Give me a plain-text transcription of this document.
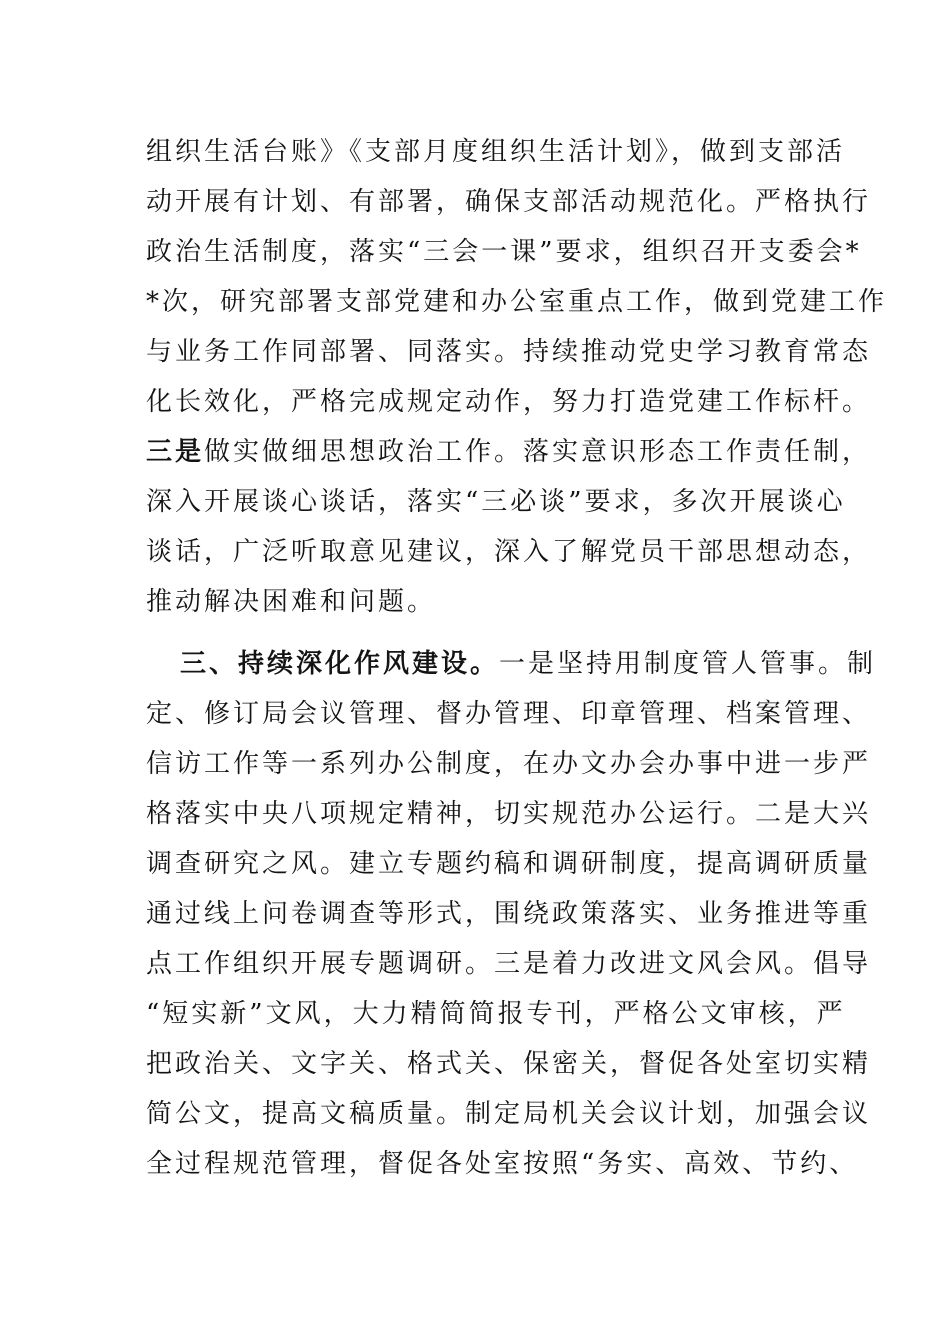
组织生活台账》《支部月度组织生活计划》，做到支部活
动开展有计划、有部署，确保支部活动规范化。严格执行
政治生活制度，落实“三会一课”要求，组织召开支委会*
*次，研究部署支部党建和办公室重点工作，做到党建工作
与业务工作同部署、同落实。持续推动党史学习教育常态
化长效化，严格完成规定动作，努力打造党建工作标杆。
三是做实做细思想政治工作。落实意识形态工作责任制，
深入开展谈心谈话，落实“三必谈”要求，多次开展谈心
谈话，广泛听取意见建议，深入了解党员干部思想动态，
推动解决困难和问题。
三、持续深化作风建设。一是坚持用制度管人管事。制
定、修订局会议管理、督办管理、印章管理、档案管理、
信访工作等一系列办公制度，在办文办会办事中进一步严
格落实中央八项规定精神，切实规范办公运行。二是大兴
调查研究之风。建立专题约稿和调研制度，提高调研质量
通过线上问卷调查等形式，围绕政策落实、业务推进等重
点工作组织开展专题调研。三是着力改进文风会风。倡导
“短实新”文风，大力精简简报专刊，严格公文审核，严
把政治关、文字关、格式关、保密关，督促各处室切实精
简公文，提高文稿质量。制定局机关会议计划，加强会议
全过程规范管理，督促各处室按照“务实、高效、节约、
